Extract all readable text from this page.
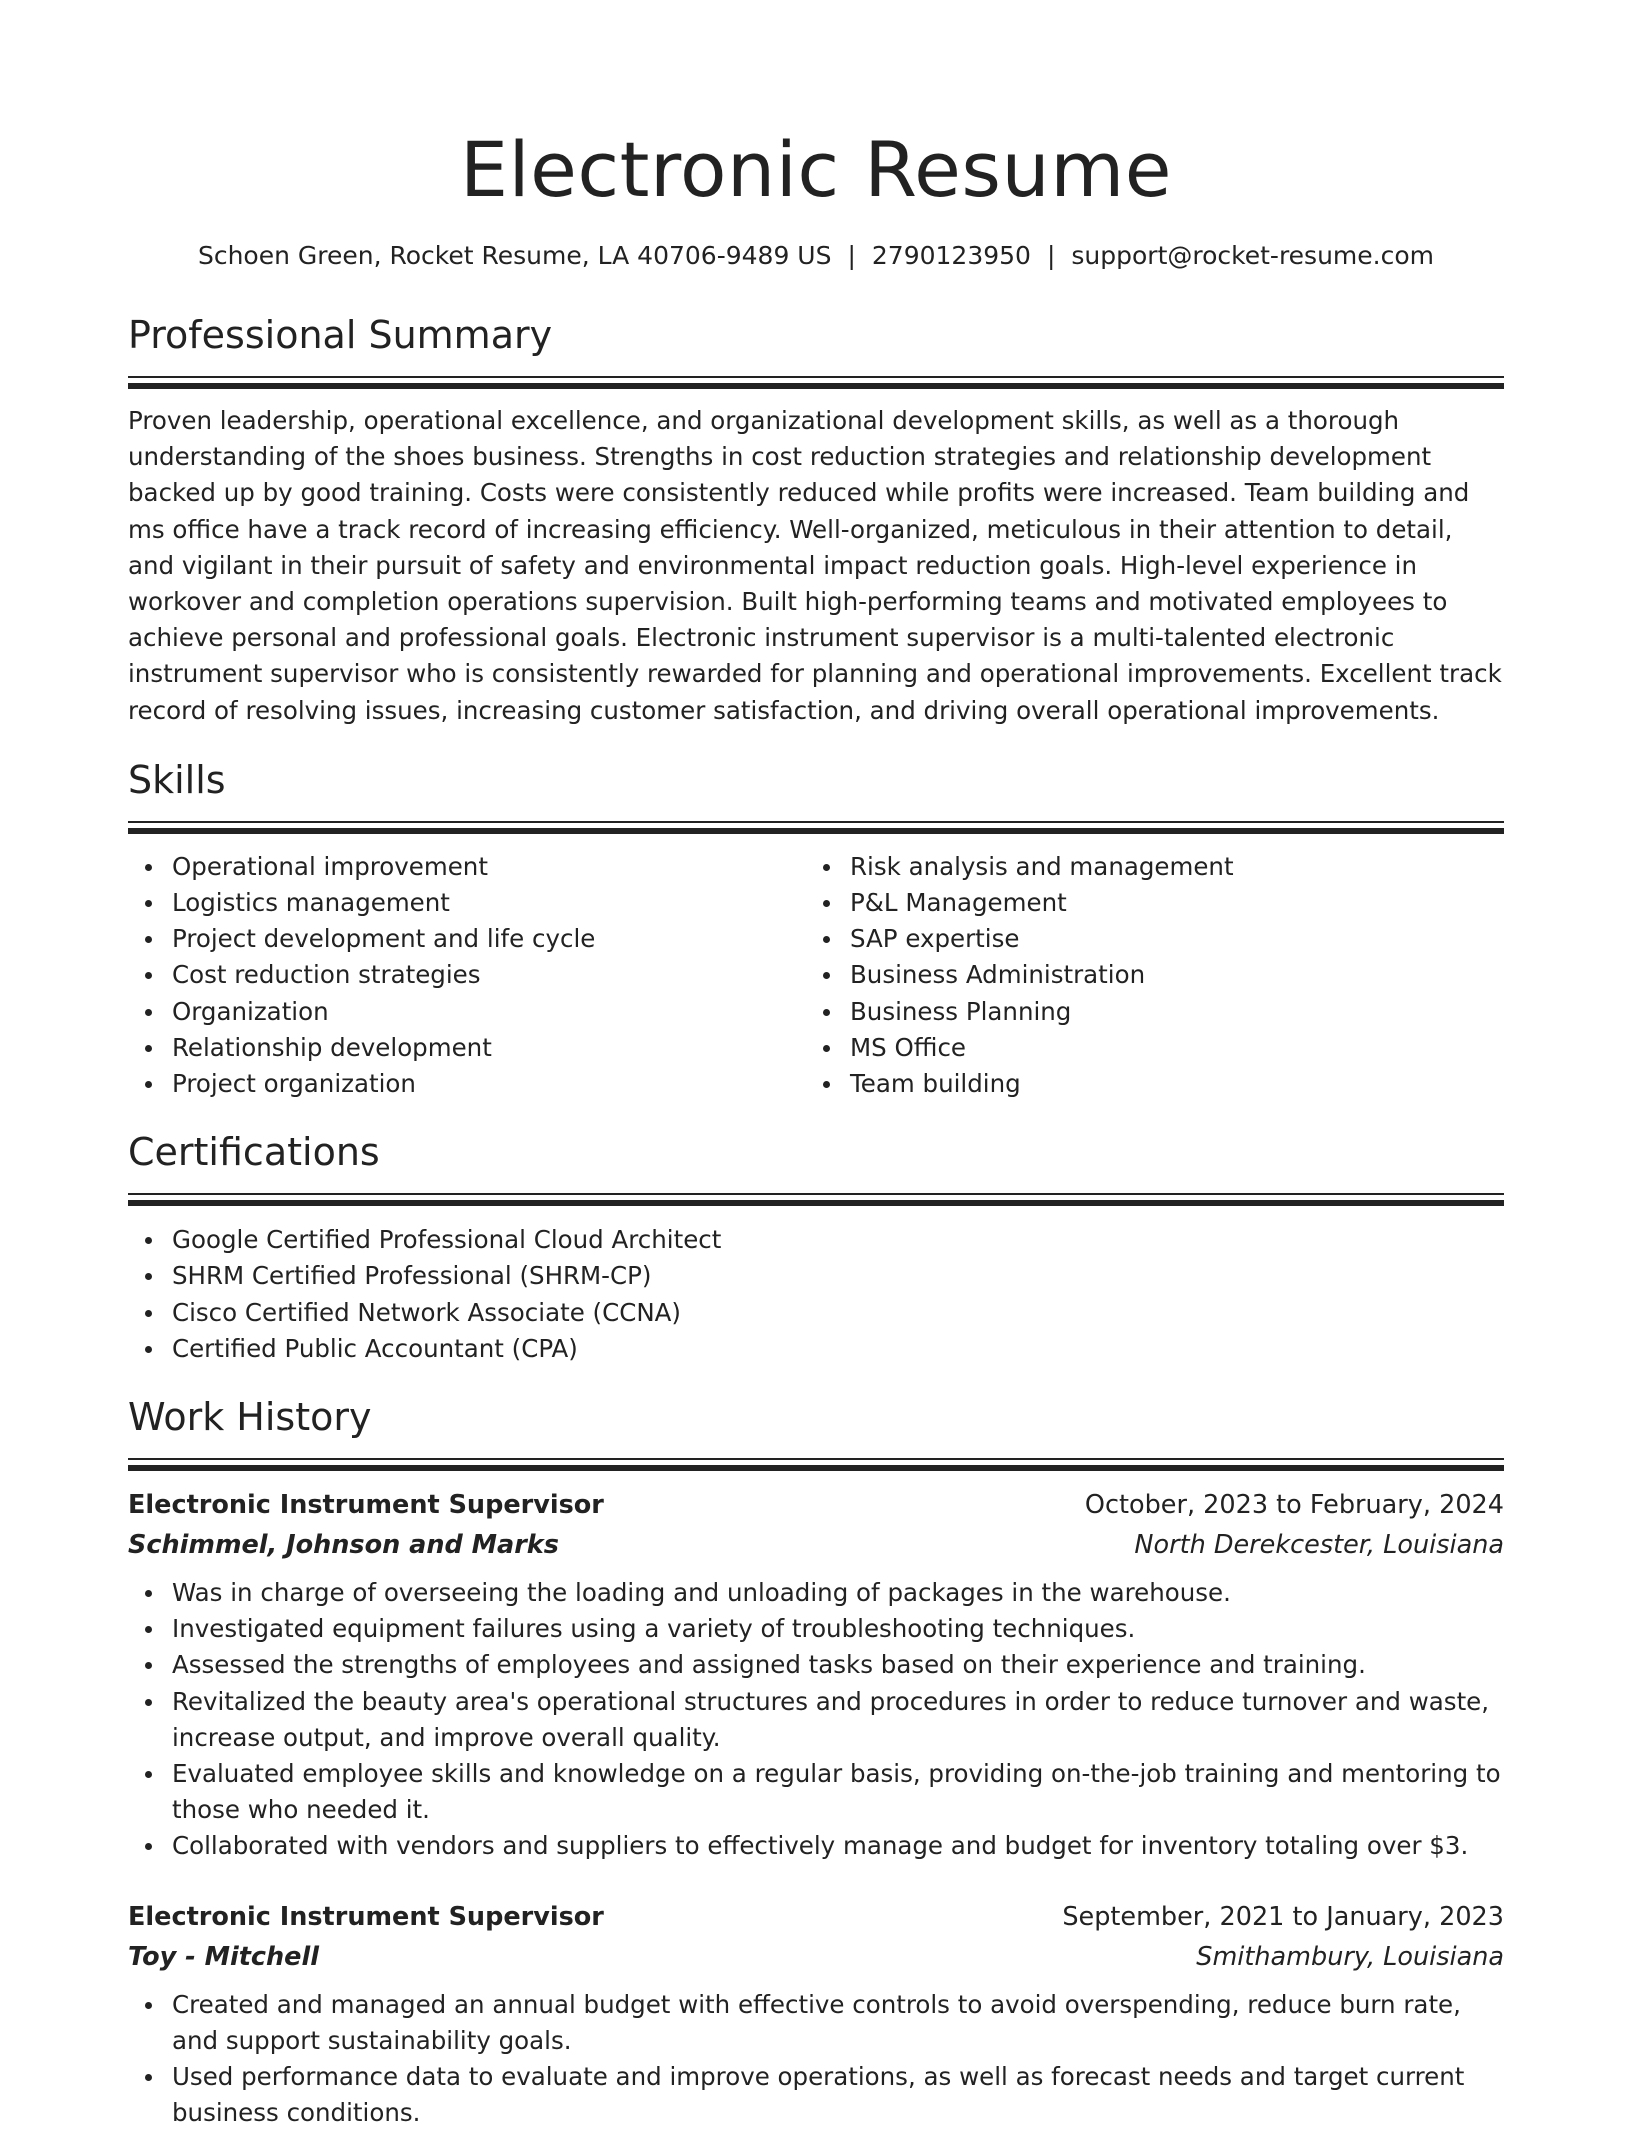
Electronic Resume
Schoen Green, Rocket Resume, LA 40706-9489 US | 2790123950 | support@rocket-resume.com
Professional Summary

Proven leadership, operational excellence, and organizational development skills, as well as a thorough understanding of the shoes business. Strengths in cost reduction strategies and relationship development backed up by good training. Costs were consistently reduced while profits were increased. Team building and ms office have a track record of increasing efficiency. Well-organized, meticulous in their attention to detail, and vigilant in their pursuit of safety and environmental impact reduction goals. High-level experience in workover and completion operations supervision. Built high-performing teams and motivated employees to achieve personal and professional goals. Electronic instrument supervisor is a multi-talented electronic instrument supervisor who is consistently rewarded for planning and operational improvements. Excellent track record of resolving issues, increasing customer satisfaction, and driving overall operational improvements.

Skills
Operational improvement
Logistics management
Project development and life cycle
Cost reduction strategies
Organization
Relationship development
Project organization
Risk analysis and management
P&L Management
SAP expertise
Business Administration
Business Planning
MS Office
Team building
Certifications
Google Certified Professional Cloud Architect
SHRM Certified Professional (SHRM-CP)
Cisco Certified Network Associate (CCNA)
Certified Public Accountant (CPA)
Work History
Electronic Instrument Supervisor	October, 2023 to February, 2024
Schimmel, Johnson and Marks	North Derekcester, Louisiana
Was in charge of overseeing the loading and unloading of packages in the warehouse.
Investigated equipment failures using a variety of troubleshooting techniques.
Assessed the strengths of employees and assigned tasks based on their experience and training.
Revitalized the beauty area's operational structures and procedures in order to reduce turnover and waste, increase output, and improve overall quality.
Evaluated employee skills and knowledge on a regular basis, providing on-the-job training and mentoring to those who needed it.
Collaborated with vendors and suppliers to effectively manage and budget for inventory totaling over $3.
Electronic Instrument Supervisor	September, 2021 to January, 2023
Toy - Mitchell	Smithambury, Louisiana
Created and managed an annual budget with effective controls to avoid overspending, reduce burn rate, and support sustainability goals.
Used performance data to evaluate and improve operations, as well as forecast needs and target current business conditions.
